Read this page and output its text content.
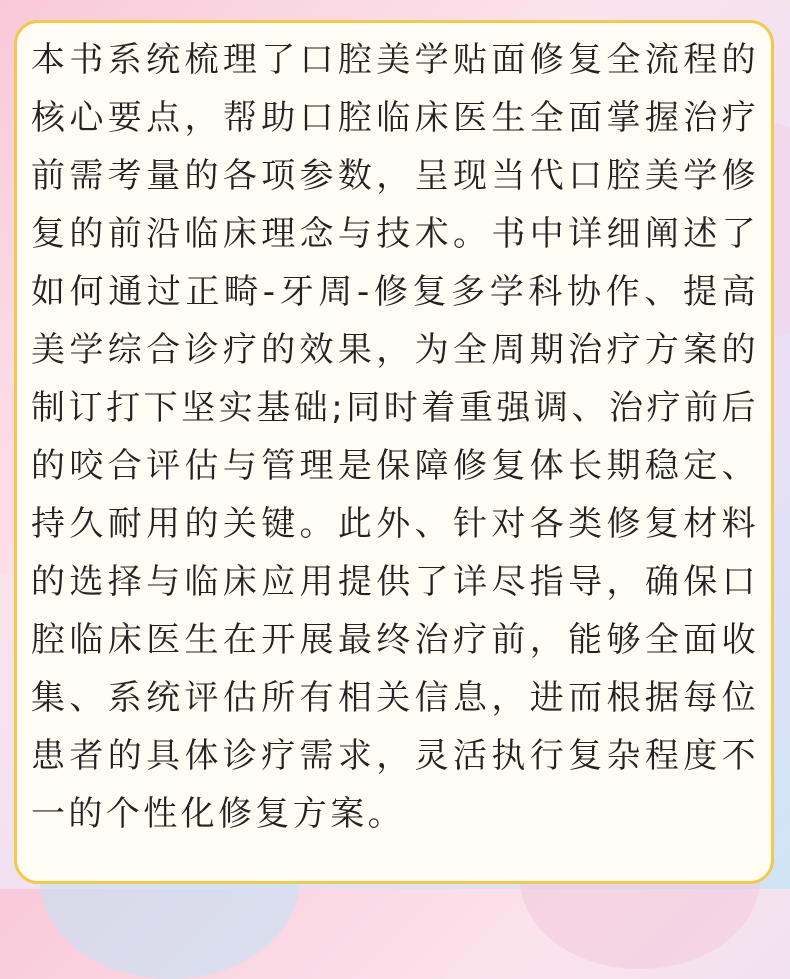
本书系统梳理了口腔美学贴面修复全流程的核心要点，帮助口腔临床医生全面掌握治疗前需考量的各项参数，呈现当代口腔美学修复的前沿临床理念与技术。书中详细阐述了如何通过正畸-牙周-修复多学科协作、提高美学综合诊疗的效果，为全周期治疗方案的制订打下坚实基础;同时着重强调、治疗前后的咬合评估与管理是保障修复体长期稳定、持久耐用的关键。此外、针对各类修复材料的选择与临床应用提供了详尽指导，确保口腔临床医生在开展最终治疗前，能够全面收集、系统评估所有相关信息，进而根据每位患者的具体诊疗需求，灵活执行复杂程度不一的个性化修复方案。
